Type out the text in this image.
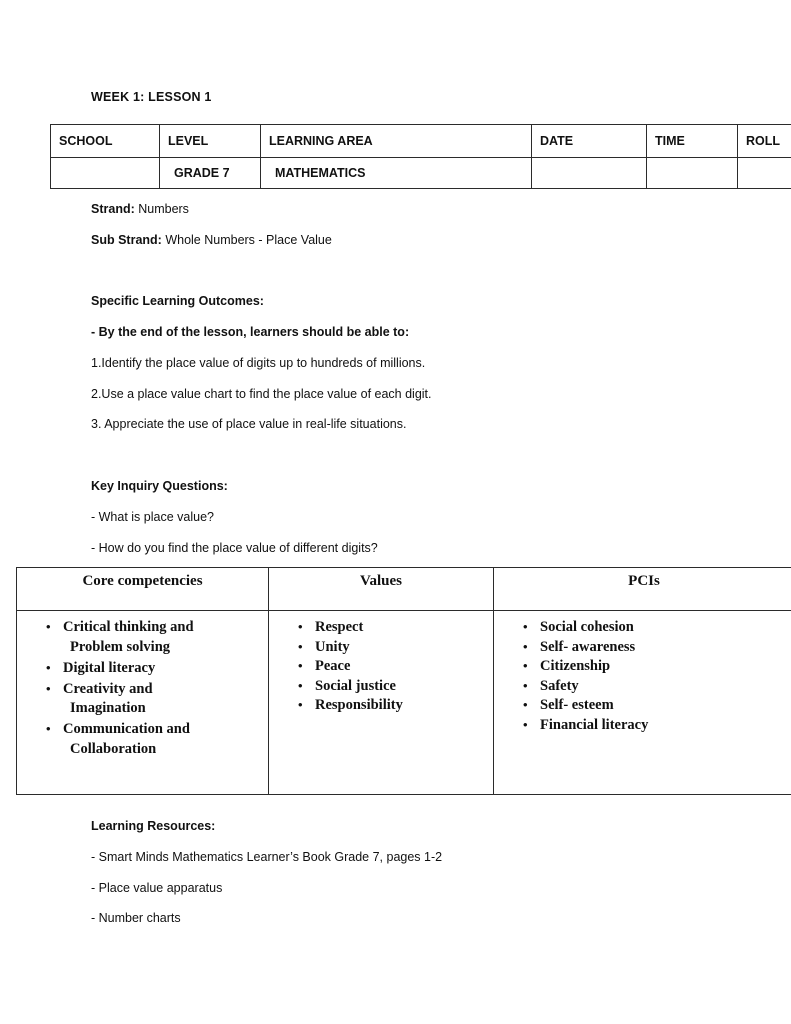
WEEK 1: LESSON 1
SCHOOL	LEVEL	LEARNING AREA	DATE	TIME	ROLL
	GRADE 7	MATHEMATICS			
Strand: Numbers
Sub Strand: Whole Numbers - Place Value
Specific Learning Outcomes:
- By the end of the lesson, learners should be able to:
1.Identify the place value of digits up to hundreds of millions.
2.Use a place value chart to find the place value of each digit.
3. Appreciate the use of place value in real-life situations.
Key Inquiry Questions:
- What is place value?
- How do you find the place value of different digits?
Core competencies	Values	PCIs

• Critical thinking and
Problem solving
• Digital literacy
• Creativity and
Imagination
• Communication and
Collaboration

• Respect
• Unity
• Peace
• Social justice
• Responsibility

• Social cohesion
• Self- awareness
• Citizenship
• Safety
• Self- esteem
• Financial literacy
Learning Resources:
- Smart Minds Mathematics Learner’s Book Grade 7, pages 1-2
- Place value apparatus
- Number charts
